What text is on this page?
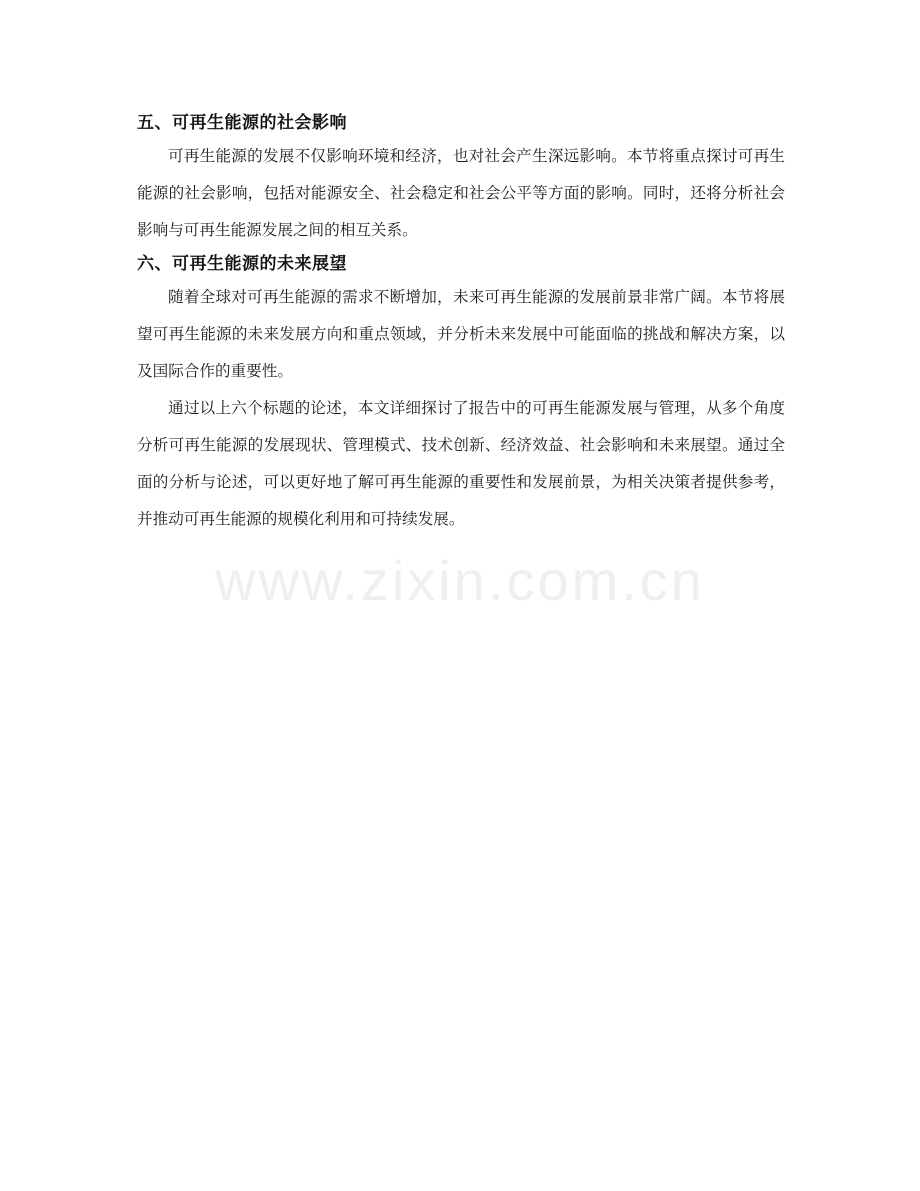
五、可再生能源的社会影响

可再生能源的发展不仅影响环境和经济，也对社会产生深远影响。本节将重点探讨可再生能源的社会影响，包括对能源安全、社会稳定和社会公平等方面的影响。同时，还将分析社会影响与可再生能源发展之间的相互关系。

六、可再生能源的未来展望

随着全球对可再生能源的需求不断增加，未来可再生能源的发展前景非常广阔。本节将展望可再生能源的未来发展方向和重点领域，并分析未来发展中可能面临的挑战和解决方案，以及国际合作的重要性。

通过以上六个标题的论述，本文详细探讨了报告中的可再生能源发展与管理，从多个角度分析可再生能源的发展现状、管理模式、技术创新、经济效益、社会影响和未来展望。通过全面的分析与论述，可以更好地了解可再生能源的重要性和发展前景，为相关决策者提供参考，并推动可再生能源的规模化利用和可持续发展。

www.zixin.com.cn
